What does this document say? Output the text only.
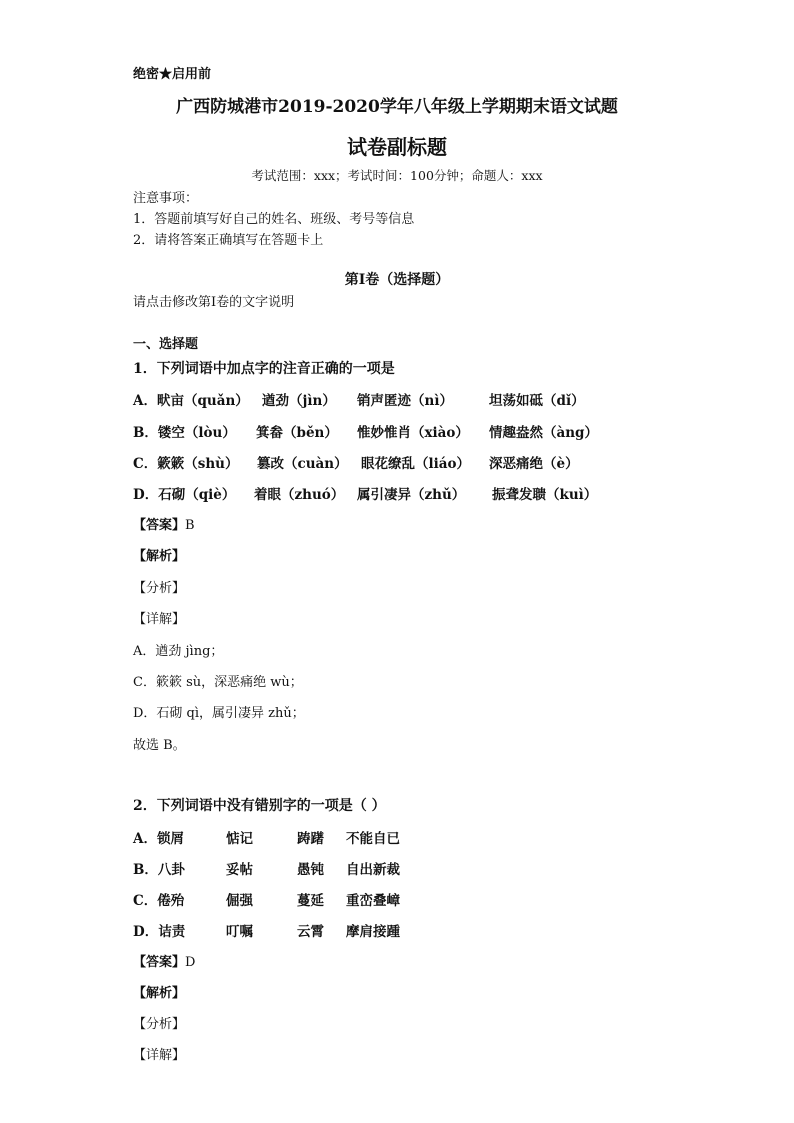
绝密★启用前
广西防城港市2019-2020学年八年级上学期期末语文试题
试卷副标题
考试范围：xxx；考试时间：100分钟；命题人：xxx
注意事项：
1．答题前填写好自己的姓名、班级、考号等信息
2．请将答案正确填写在答题卡上
第I卷（选择题）
请点击修改第I卷的文字说明
一、选择题
1．下列词语中加点字的注音正确的一项是
A．畎亩（quǎn） 遒劲（jìn） 销声匿迹（nì）	坦荡如砥（dǐ）
B．镂空（lòu） 箕畚（běn） 惟妙惟肖（xiào） 情趣盎然（àng）
C．簌簌（shù） 篡改（cuàn） 眼花缭乱（liáo） 深恶痛绝（è）
D．石砌（qiè） 着眼（zhuó） 属引凄异（zhǔ） 振聋发聩（kuì）
【答案】B
【解析】
【分析】
【详解】
A．遒劲 jìng；
C．簌簌 sù，深恶痛绝 wù；
D．石砌 qì，属引凄异 zhǔ；
故选 B。
2．下列词语中没有错别字的一项是（ ）
A．锁屑	惦记	踌躇 不能自已
B．八卦	妥帖	愚钝 自出新裁
C．倦殆	倔强	蔓延 重峦叠嶂
D．诘责	叮嘱	云霄 摩肩接踵
【答案】D
【解析】
【分析】
【详解】
